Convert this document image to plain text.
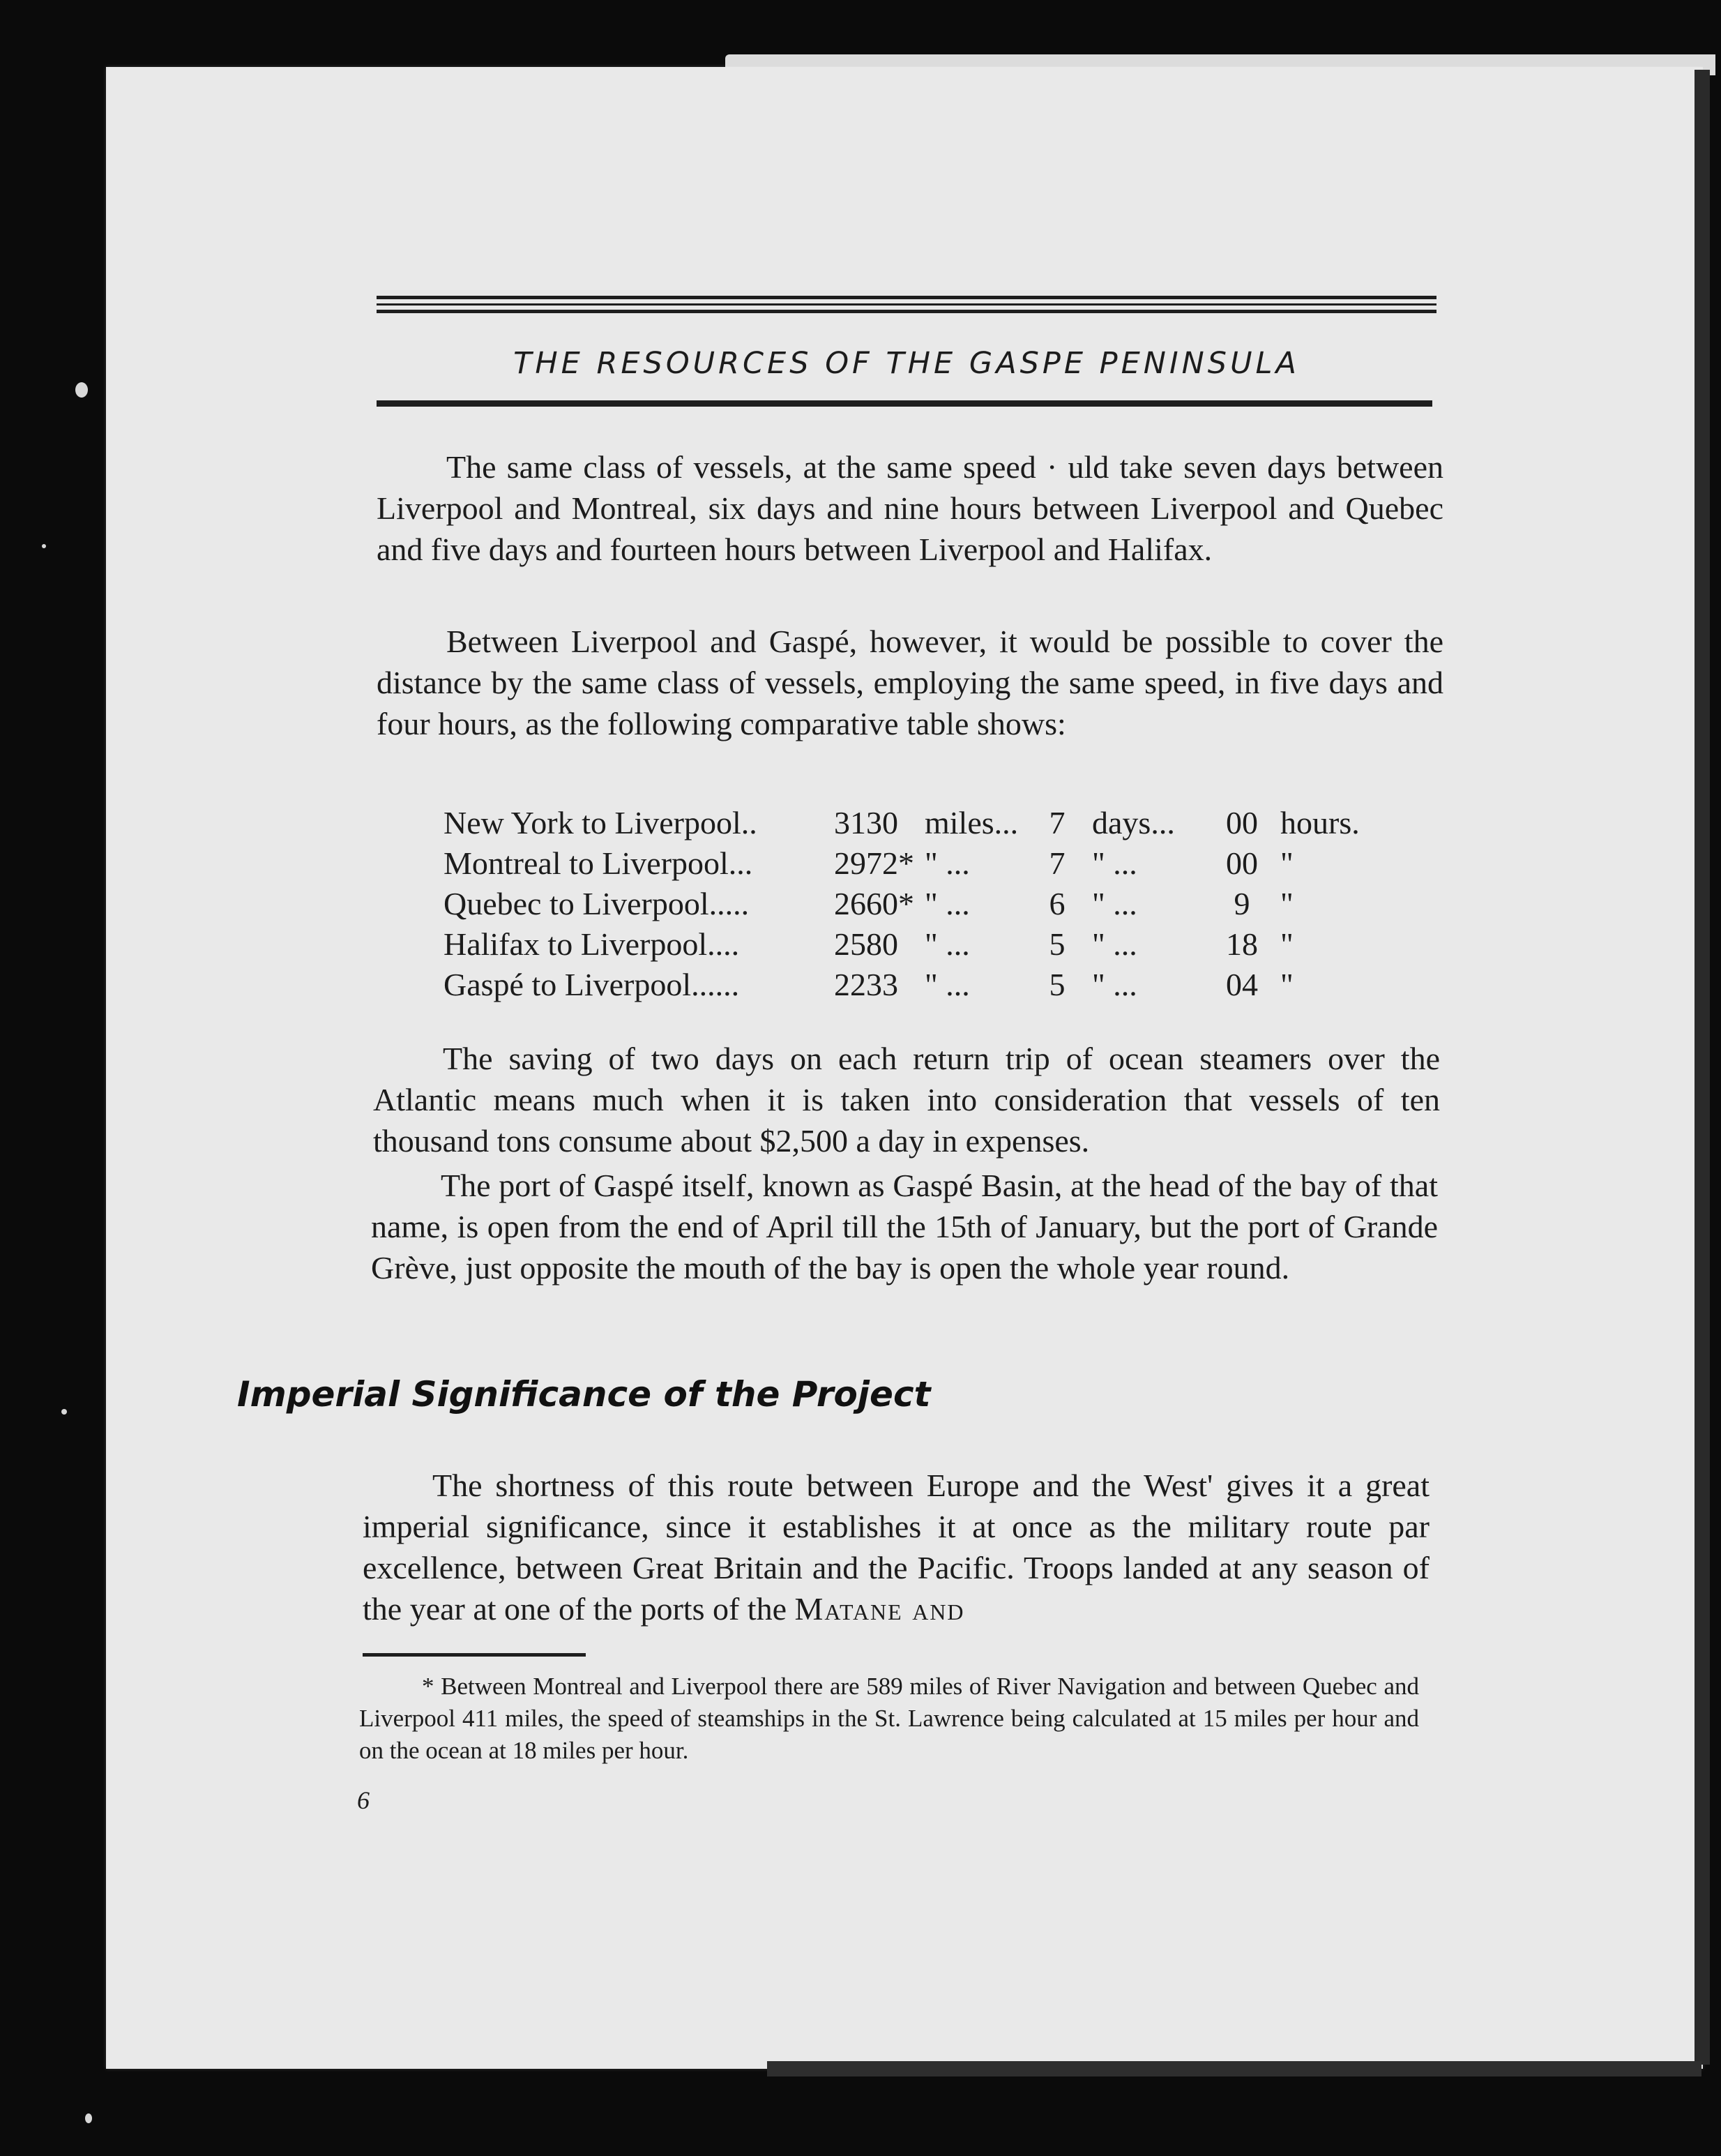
THE RESOURCES OF THE GASPE PENINSULA

The same class of vessels, at the same speed · uld take seven days between Liverpool and Montreal, six days and nine hours between Liverpool and Quebec and five days and fourteen hours between Liverpool and Halifax.

Between Liverpool and Gaspé, however, it would be possible to cover the distance by the same class of vessels, employing the same speed, in five days and four hours, as the following comparative table shows:

New York to Liverpool..	3130	miles...	7	days...	00	hours.
Montreal to Liverpool...	2972*	" ...	7	" ...	00	"
Quebec to Liverpool.....	2660*	" ...	6	" ...	9	"
Halifax to Liverpool....	2580	" ...	5	" ...	18	"
Gaspé to Liverpool......	2233	" ...	5	" ...	04	"

The saving of two days on each return trip of ocean steamers over the Atlantic means much when it is taken into consideration that vessels of ten thousand tons consume about $2,500 a day in expenses.

The port of Gaspé itself, known as Gaspé Basin, at the head of the bay of that name, is open from the end of April till the 15th of January, but the port of Grande Grève, just opposite the mouth of the bay is open the whole year round.

Imperial Significance of the Project

The shortness of this route between Europe and the West' gives it a great imperial significance, since it establishes it at once as the military route par excellence, between Great Britain and the Pacific. Troops landed at any season of the year at one of the ports of the Matane and

* Between Montreal and Liverpool there are 589 miles of River Navigation and between Quebec and Liverpool 411 miles, the speed of steamships in the St. Lawrence being calculated at 15 miles per hour and on the ocean at 18 miles per hour.

6
